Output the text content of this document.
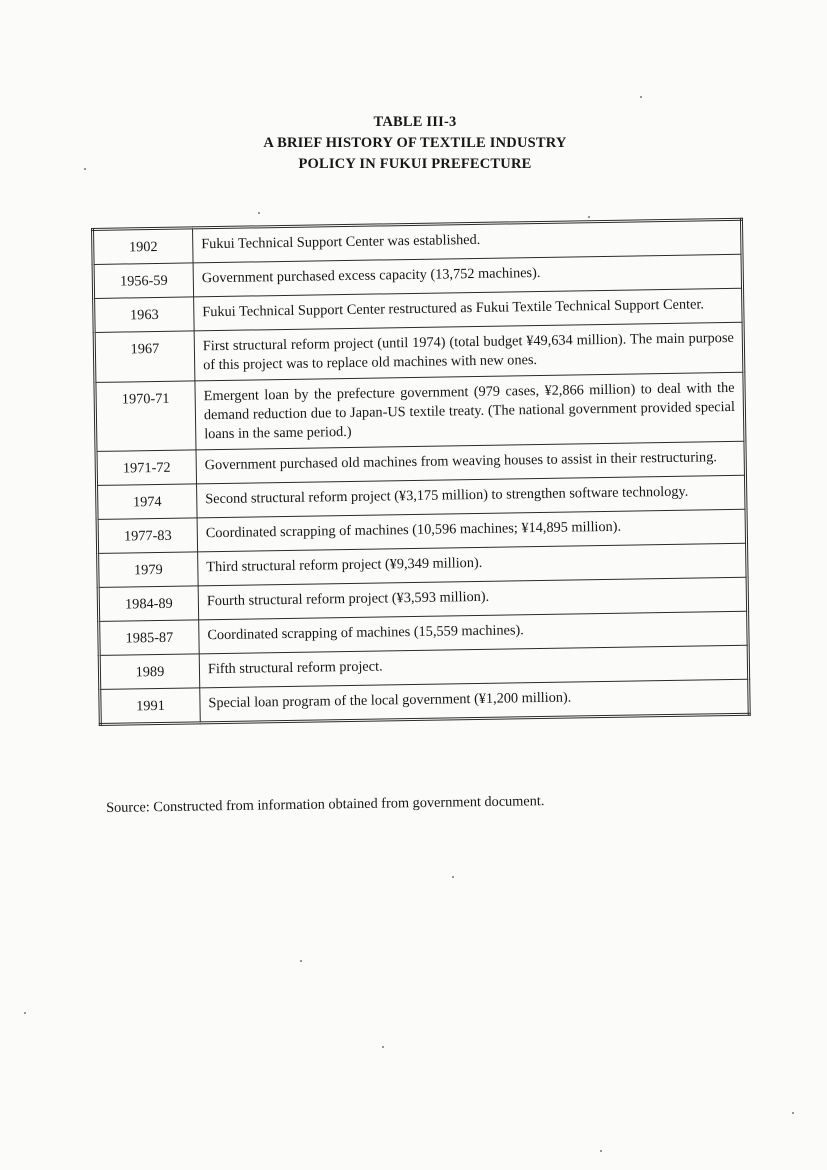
TABLE III-3
A BRIEF HISTORY OF TEXTILE INDUSTRY
POLICY IN FUKUI PREFECTURE
1902	Fukui Technical Support Center was established.
1956-59	Government purchased excess capacity (13,752 machines).
1963	Fukui Technical Support Center restructured as Fukui Textile Technical Support Center.
1967	First structural reform project (until 1974) (total budget ¥49,634 million). The main purpose of this project was to replace old machines with new ones.
1970-71	Emergent loan by the prefecture government (979 cases, ¥2,866 million) to deal with the demand reduction due to Japan-US textile treaty. (The national government provided special loans in the same period.)
1971-72	Government purchased old machines from weaving houses to assist in their restructuring.
1974	Second structural reform project (¥3,175 million) to strengthen software technology.
1977-83	Coordinated scrapping of machines (10,596 machines; ¥14,895 million).
1979	Third structural reform project (¥9,349 million).
1984-89	Fourth structural reform project (¥3,593 million).
1985-87	Coordinated scrapping of machines (15,559 machines).
1989	Fifth structural reform project.
1991	Special loan program of the local government (¥1,200 million).
Source: Constructed from information obtained from government document.
